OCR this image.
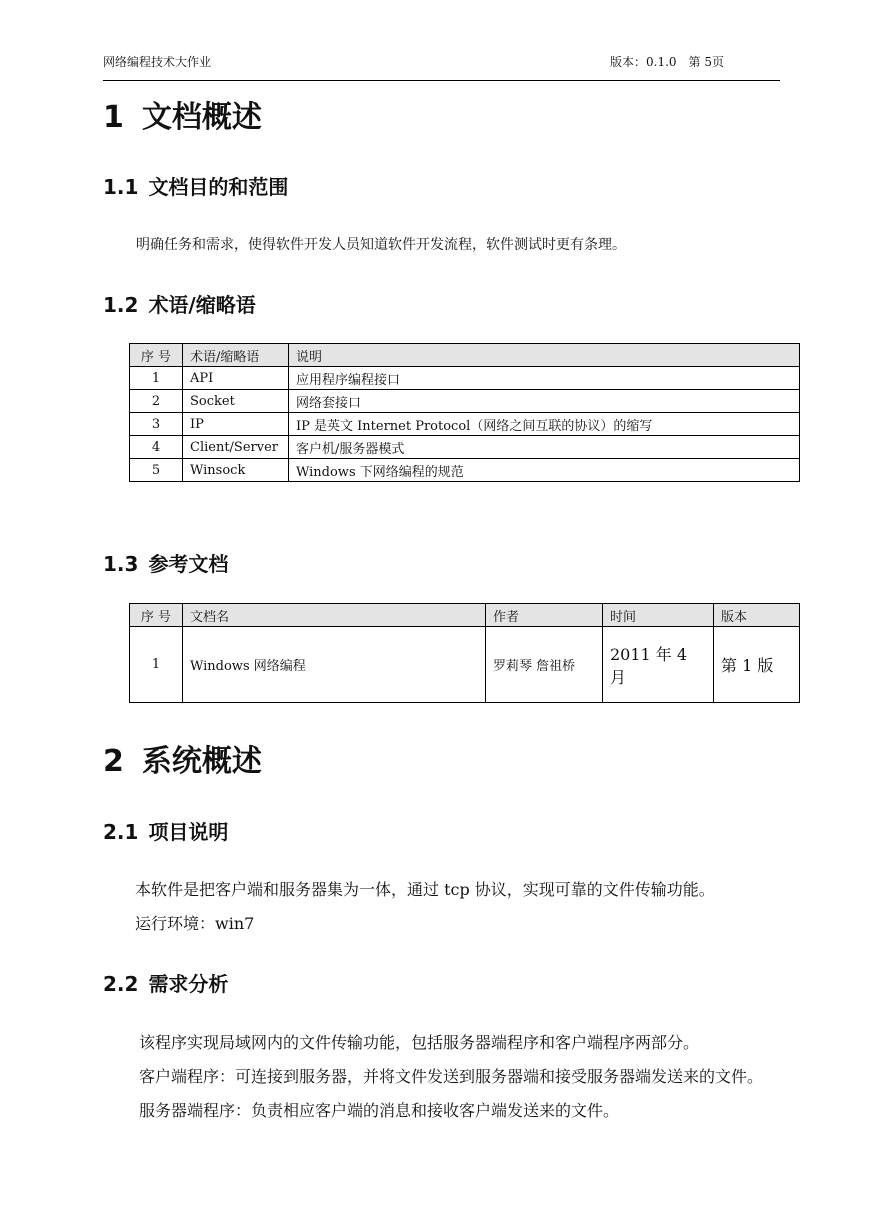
网络编程技术大作业	版本：0.1.0　第 5页
1 文档概述
1.1 文档目的和范围
明确任务和需求，使得软件开发人员知道软件开发流程，软件测试时更有条理。
1.2 术语/缩略语
序 号	术语/缩略语	说明
1	API	应用程序编程接口
2	Socket	网络套接口
3	IP	IP 是英文 Internet Protocol（网络之间互联的协议）的缩写
4	Client/Server	客户机/服务器模式
5	Winsock	Windows 下网络编程的规范
1.3 参考文档
序 号	文档名	作者	时间	版本
1	Windows 网络编程	罗莉琴 詹祖桥	2011 年 4 月	第 1 版
2 系统概述
2.1 项目说明
本软件是把客户端和服务器集为一体，通过 tcp 协议，实现可靠的文件传输功能。
运行环境：win7
2.2 需求分析
该程序实现局域网内的文件传输功能，包括服务器端程序和客户端程序两部分。
客户端程序：可连接到服务器，并将文件发送到服务器端和接受服务器端发送来的文件。
服务器端程序：负责相应客户端的消息和接收客户端发送来的文件。
